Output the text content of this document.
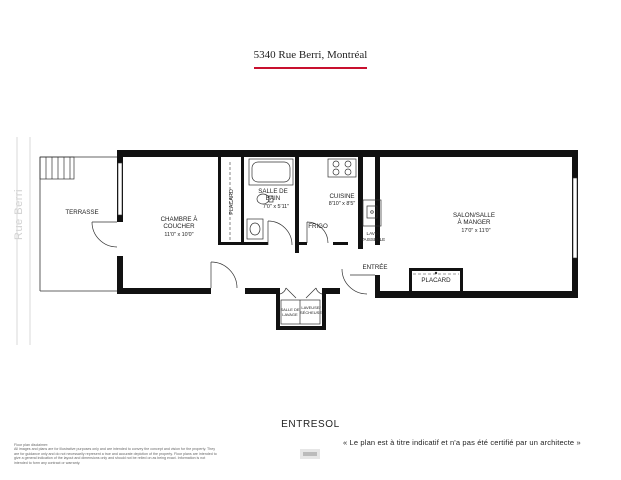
5340 Rue Berri, Montréal
Rue Berri	TERRASSE
CHAMBRE À
COUCHER
11'0" x 10'0"
PLACARD	SALLE DE
BAIN
7'0" x 5'11"
CUISINE
8'10" x 8'5"
FRIGO
LAVE-
VAISSELLE
SALON/SALLE
À MANGER
17'0" x 11'0"
ENTRÉE
PLACARD
SALLE DE
LAVAGE
LAVEUSE/
SÉCHEUSE
ENTRESOL
« Le plan est à titre indicatif et n'a pas été certifié par un architecte »
Floor plan disclaimer:
All images and plans are for illustrative purposes only and are intended to convey the concept and vision for the property. They are for guidance only and do not necessarily represent a true and accurate depiction of the property. Floor plans are intended to give a general indication of the layout and dimensions only and should not be relied on as being exact. Information is not intended to form any contract or warranty.
